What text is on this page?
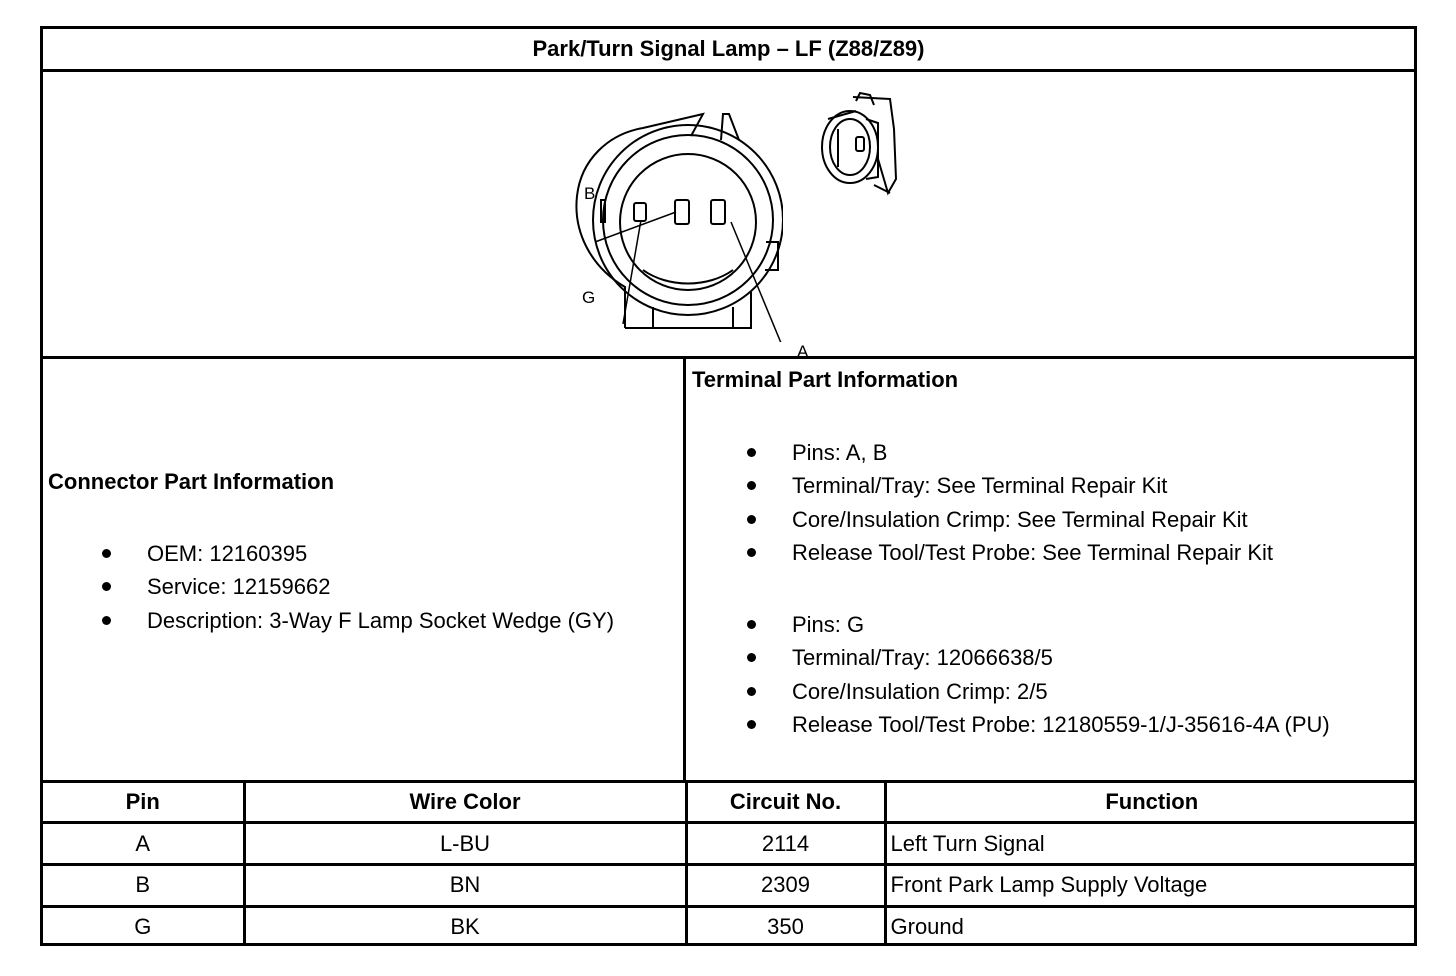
Park/Turn Signal Lamp – LF (Z88/Z89)
B
G
A
Connector Part Information
OEM: 12160395
Service: 12159662
Description: 3-Way F Lamp Socket Wedge (GY)
Terminal Part Information
Pins: A, B
Terminal/Tray: See Terminal Repair Kit
Core/Insulation Crimp: See Terminal Repair Kit
Release Tool/Test Probe: See Terminal Repair Kit
Pins: G
Terminal/Tray: 12066638/5
Core/Insulation Crimp: 2/5
Release Tool/Test Probe: 12180559-1/J-35616-4A (PU)
Pin	Wire Color	Circuit No.	Function
A	L-BU	2114	Left Turn Signal
B	BN	2309	Front Park Lamp Supply Voltage
G	BK	350	Ground
